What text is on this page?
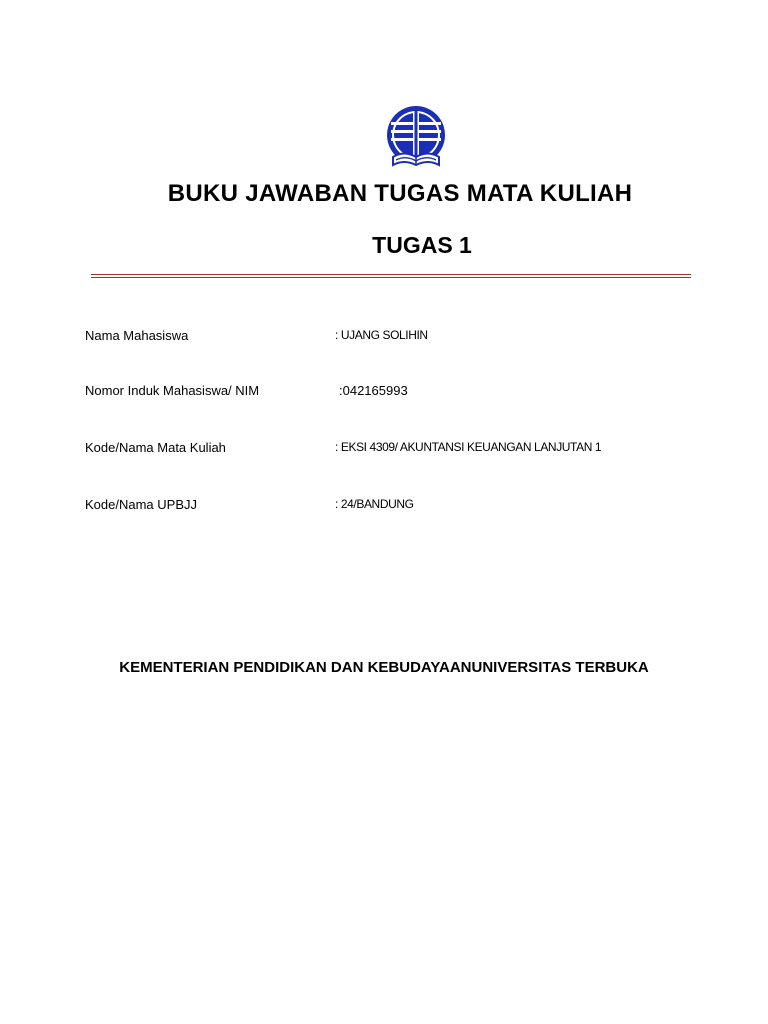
BUKU JAWABAN TUGAS MATA KULIAH
TUGAS 1
Nama Mahasiswa	: UJANG SOLIHIN
Nomor Induk Mahasiswa/ NIM	:042165993
Kode/Nama Mata Kuliah	: EKSI 4309/ AKUNTANSI KEUANGAN LANJUTAN 1
Kode/Nama UPBJJ	: 24/BANDUNG
KEMENTERIAN PENDIDIKAN DAN KEBUDAYAANUNIVERSITAS TERBUKA
